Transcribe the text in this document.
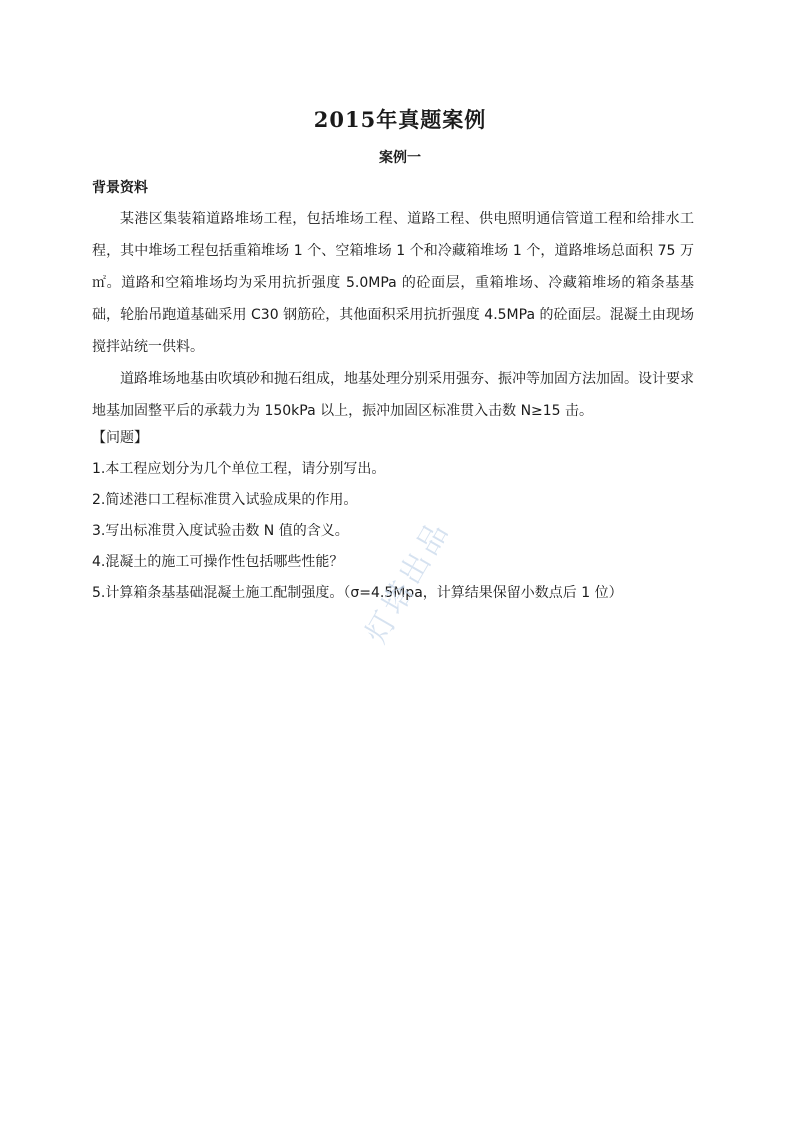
2015年真题案例
案例一
背景资料

某港区集装箱道路堆场工程，包括堆场工程、道路工程、供电照明通信管道工程和给排水工程，其中堆场工程包括重箱堆场 1 个、空箱堆场 1 个和冷藏箱堆场 1 个，道路堆场总面积 75 万㎡。道路和空箱堆场均为采用抗折强度 5.0MPa 的砼面层，重箱堆场、冷藏箱堆场的箱条基基础，轮胎吊跑道基础采用 C30 钢筋砼，其他面积采用抗折强度 4.5MPa 的砼面层。混凝土由现场搅拌站统一供料。

道路堆场地基由吹填砂和抛石组成，地基处理分别采用强夯、振冲等加固方法加固。设计要求地基加固整平后的承载力为 150kPa 以上，振冲加固区标准贯入击数 N≥15 击。

【问题】
1.本工程应划分为几个单位工程，请分别写出。
2.简述港口工程标准贯入试验成果的作用。
3.写出标准贯入度试验击数 N 值的含义。
4.混凝土的施工可操作性包括哪些性能？
5.计算箱条基基础混凝土施工配制强度。（σ=4.5Mpa，计算结果保留小数点后 1 位）
灯塔出品
